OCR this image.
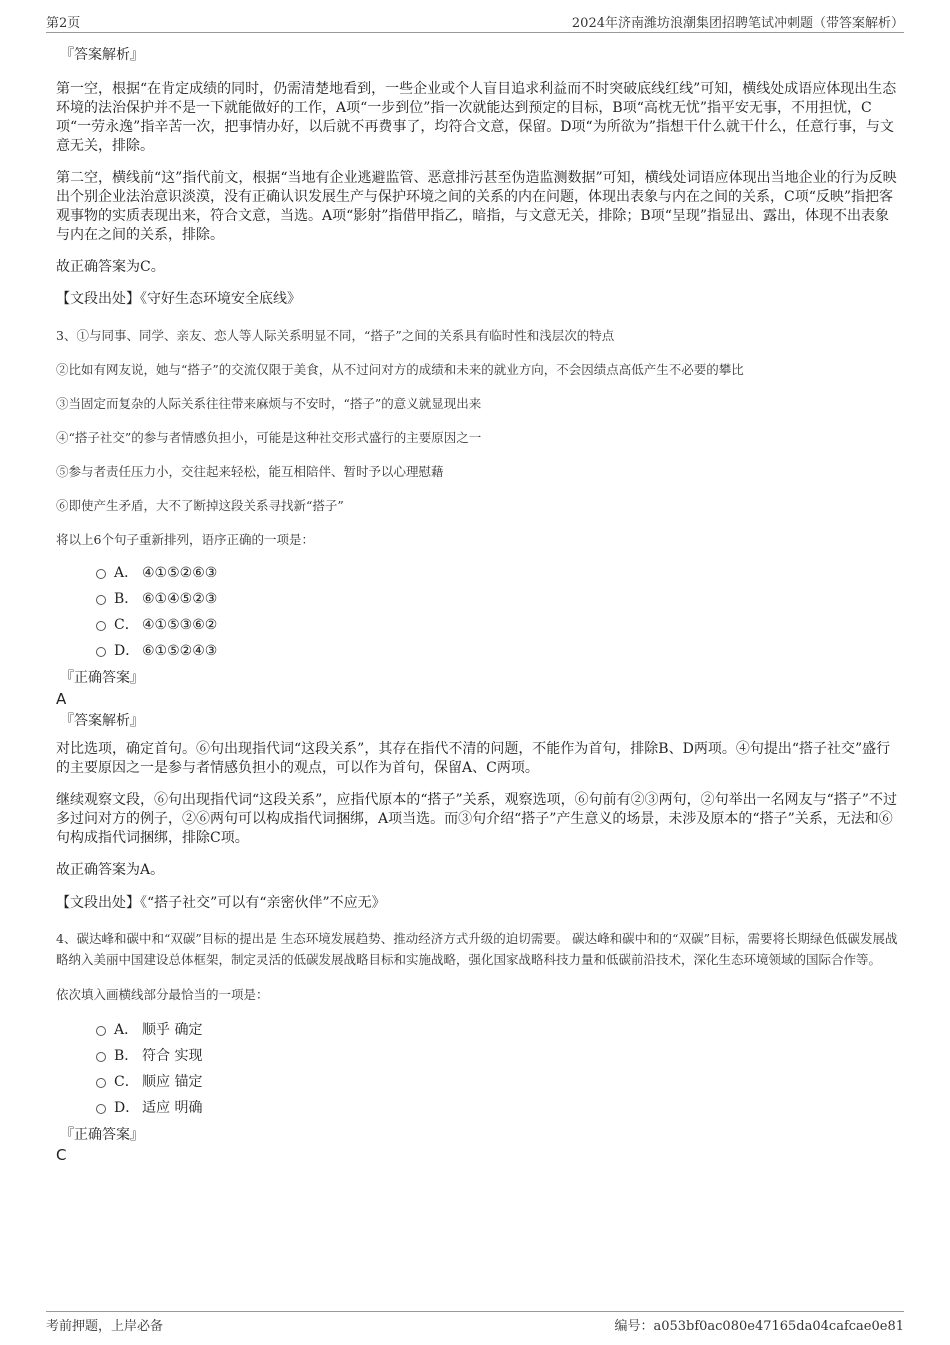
第2页	2024年济南潍坊浪潮集团招聘笔试冲刺题（带答案解析）

『答案解析』

第一空，根据“在肯定成绩的同时，仍需清楚地看到，一些企业或个人盲目追求利益而不时突破底线红线”可知，横线处成语应体现出生态环境的法治保护并不是一下就能做好的工作，A项“一步到位”指一次就能达到预定的目标，B项“高枕无忧”指平安无事，不用担忧，C项“一劳永逸”指辛苦一次，把事情办好，以后就不再费事了，均符合文意，保留。D项“为所欲为”指想干什么就干什么，任意行事，与文意无关，排除。

第二空，横线前“这”指代前文，根据“当地有企业逃避监管、恶意排污甚至伪造监测数据”可知，横线处词语应体现出当地企业的行为反映出个别企业法治意识淡漠，没有正确认识发展生产与保护环境之间的关系的内在问题，体现出表象与内在之间的关系，C项“反映”指把客观事物的实质表现出来，符合文意，当选。A项“影射”指借甲指乙，暗指，与文意无关，排除；B项“呈现”指显出、露出，体现不出表象与内在之间的关系，排除。

故正确答案为C。

【文段出处】《守好生态环境安全底线》

3、①与同事、同学、亲友、恋人等人际关系明显不同，“搭子”之间的关系具有临时性和浅层次的特点

②比如有网友说，她与“搭子”的交流仅限于美食，从不过问对方的成绩和未来的就业方向，不会因绩点高低产生不必要的攀比

③当固定而复杂的人际关系往往带来麻烦与不安时，“搭子”的意义就显现出来

④“搭子社交”的参与者情感负担小，可能是这种社交形式盛行的主要原因之一

⑤参与者责任压力小，交往起来轻松，能互相陪伴、暂时予以心理慰藉

⑥即使产生矛盾，大不了断掉这段关系寻找新“搭子”

将以上6个句子重新排列，语序正确的一项是：

A． ④①⑤②⑥③
B． ⑥①④⑤②③
C． ④①⑤③⑥②
D． ⑥①⑤②④③

『正确答案』

A

『答案解析』

对比选项，确定首句。⑥句出现指代词“这段关系”，其存在指代不清的问题，不能作为首句，排除B、D两项。④句提出“搭子社交”盛行的主要原因之一是参与者情感负担小的观点，可以作为首句，保留A、C两项。

继续观察文段，⑥句出现指代词“这段关系”，应指代原本的“搭子”关系，观察选项，⑥句前有②③两句，②句举出一名网友与“搭子”不过多过问对方的例子，②⑥两句可以构成指代词捆绑，A项当选。而③句介绍“搭子”产生意义的场景，未涉及原本的“搭子”关系，无法和⑥句构成指代词捆绑，排除C项。

故正确答案为A。

【文段出处】《“搭子社交”可以有“亲密伙伴”不应无》

4、碳达峰和碳中和“双碳”目标的提出是 生态环境发展趋势、推动经济方式升级的迫切需要。 碳达峰和碳中和的“双碳”目标，需要将长期绿色低碳发展战略纳入美丽中国建设总体框架，制定灵活的低碳发展战略目标和实施战略，强化国家战略科技力量和低碳前沿技术，深化生态环境领域的国际合作等。

依次填入画横线部分最恰当的一项是：

A． 顺乎 确定
B． 符合 实现
C． 顺应 锚定
D． 适应 明确

『正确答案』

C

考前押题，上岸必备	编号：a053bf0ac080e47165da04cafcae0e81
